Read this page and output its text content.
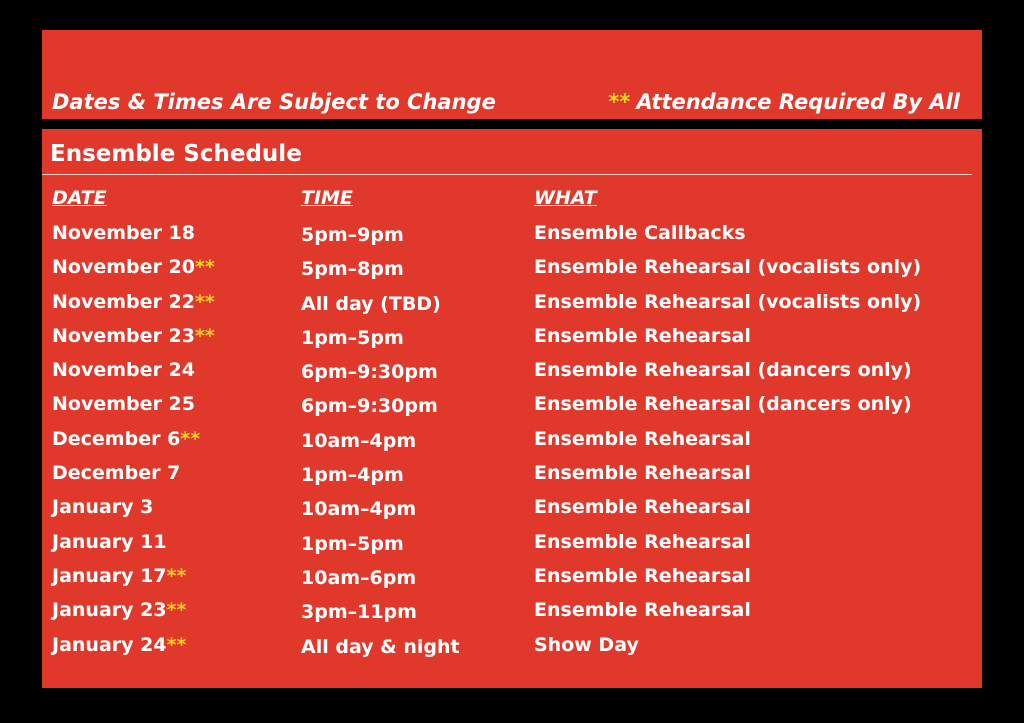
Dates & Times Are Subject to Change	** Attendance Required By All
Ensemble Schedule
DATE	TIME	WHAT
November 18	5pm–9pm	Ensemble Callbacks
November 20**	5pm–8pm	Ensemble Rehearsal (vocalists only)
November 22**	All day (TBD)	Ensemble Rehearsal (vocalists only)
November 23**	1pm–5pm	Ensemble Rehearsal
November 24	6pm–9:30pm	Ensemble Rehearsal (dancers only)
November 25	6pm–9:30pm	Ensemble Rehearsal (dancers only)
December 6**	10am–4pm	Ensemble Rehearsal
December 7	1pm–4pm	Ensemble Rehearsal
January 3	10am–4pm	Ensemble Rehearsal
January 11	1pm–5pm	Ensemble Rehearsal
January 17**	10am–6pm	Ensemble Rehearsal
January 23**	3pm–11pm	Ensemble Rehearsal
January 24**	All day & night	Show Day
